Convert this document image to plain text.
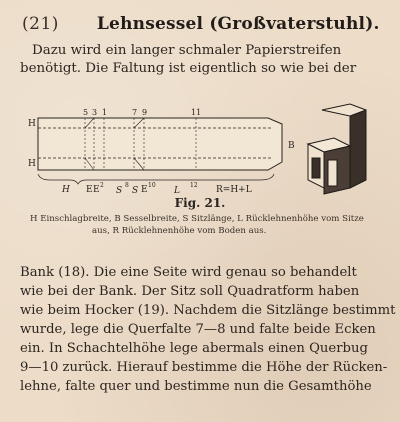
(21) Lehnsessel (Großvaterstuhl).
Dazu wird ein langer schmaler Papierstreifen
benötigt. Die Faltung ist eigentlich so wie bei der
H
H
5 3 1	7 9	11
B
H E E 2
S
8
S E 10
L
12 R=H+L
Fig. 21.
H Einschlagbreite, B Sesselbreite, S Sitzlänge, L Rücklehnenhöhe vom Sitze
aus, R Rücklehnenhöhe vom Boden aus.
Bank (18). Die eine Seite wird genau so behandelt
wie bei der Bank. Der Sitz soll Quadratform haben
wie beim Hocker (19). Nachdem die Sitzlänge bestimmt
wurde, lege die Querfalte 7—8 und falte beide Ecken
ein. In Schachtelhöhe lege abermals einen Querbug
9—10 zurück. Hierauf bestimme die Höhe der Rücken-
lehne, falte quer und bestimme nun die Gesamthöhe
